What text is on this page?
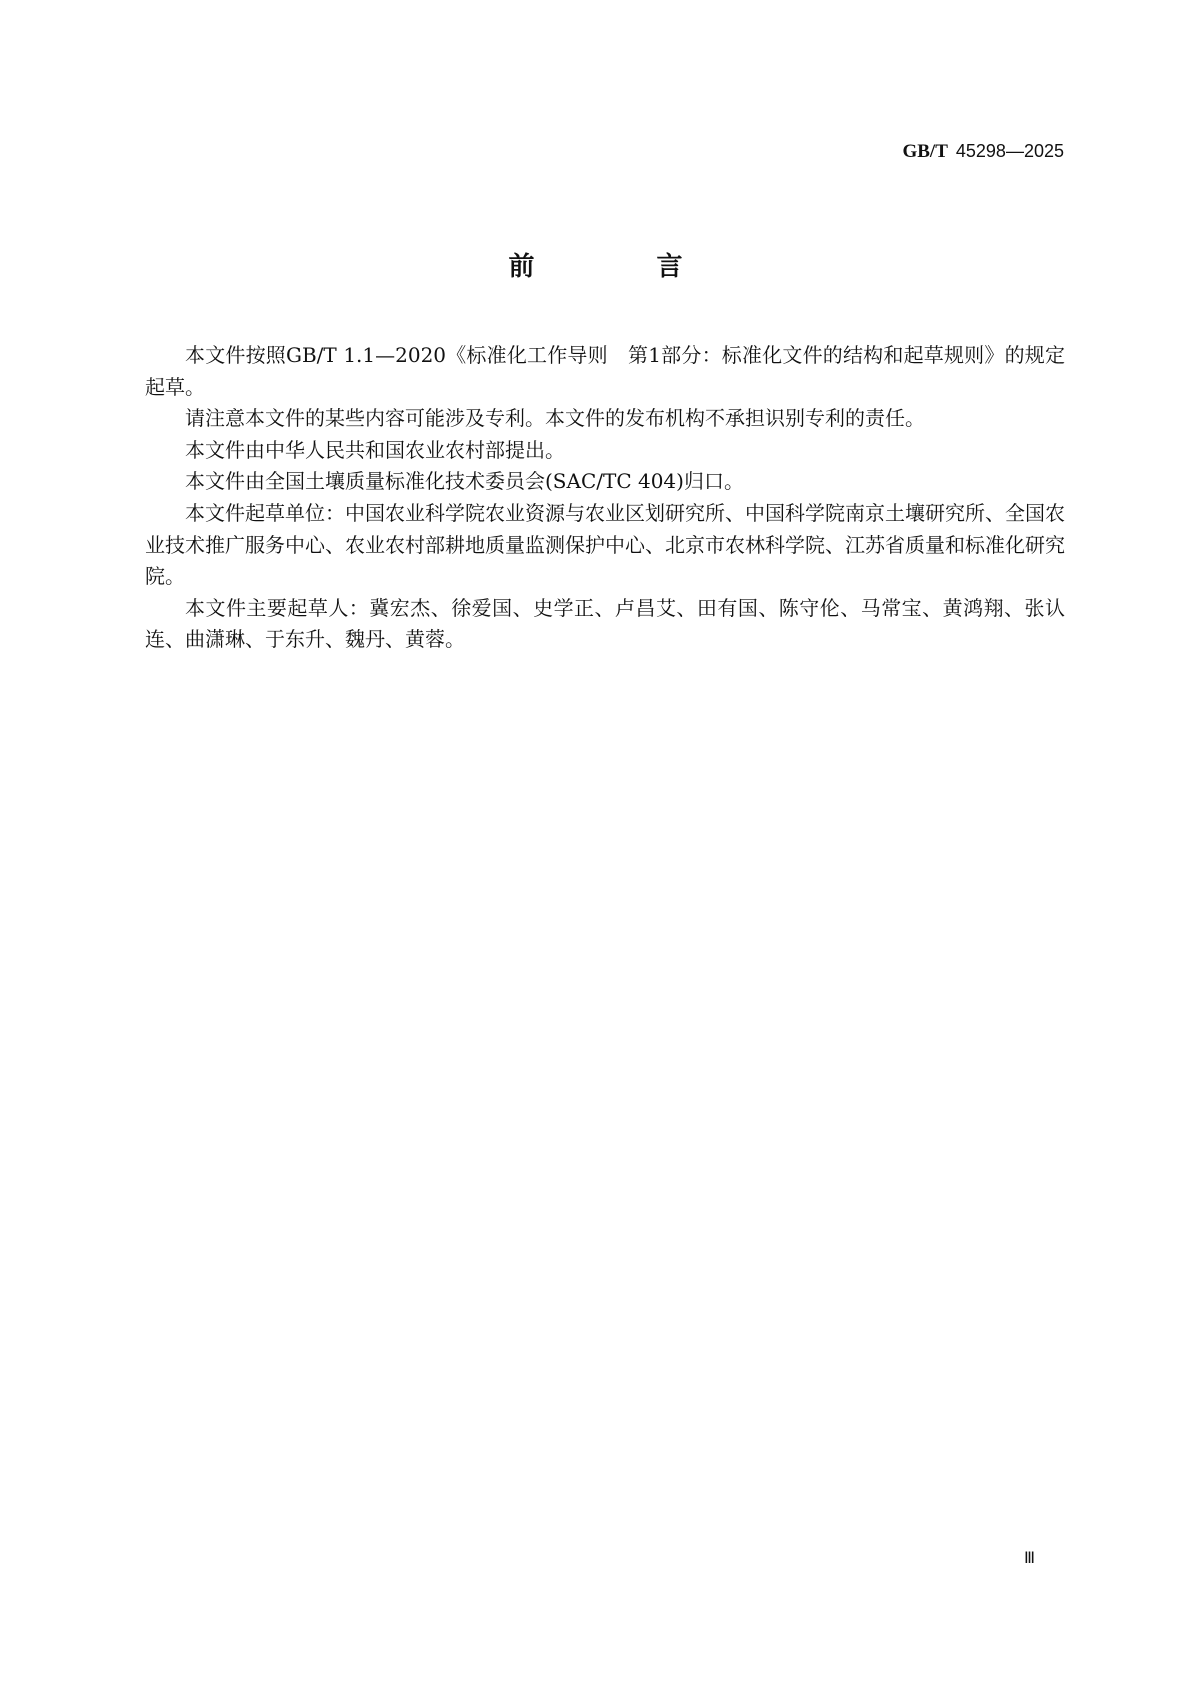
GB/T 45298—2025
前　言

本文件按照GB/T 1.1—2020《标准化工作导则　第1部分：标准化文件的结构和起草规则》的规定起草。

请注意本文件的某些内容可能涉及专利。本文件的发布机构不承担识别专利的责任。

本文件由中华人民共和国农业农村部提出。

本文件由全国土壤质量标准化技术委员会(SAC/TC 404)归口。

本文件起草单位：中国农业科学院农业资源与农业区划研究所、中国科学院南京土壤研究所、全国农业技术推广服务中心、农业农村部耕地质量监测保护中心、北京市农林科学院、江苏省质量和标准化研究院。

本文件主要起草人：冀宏杰、徐爱国、史学正、卢昌艾、田有国、陈守伦、马常宝、黄鸿翔、张认连、曲潇琳、于东升、魏丹、黄蓉。

Ⅲ
